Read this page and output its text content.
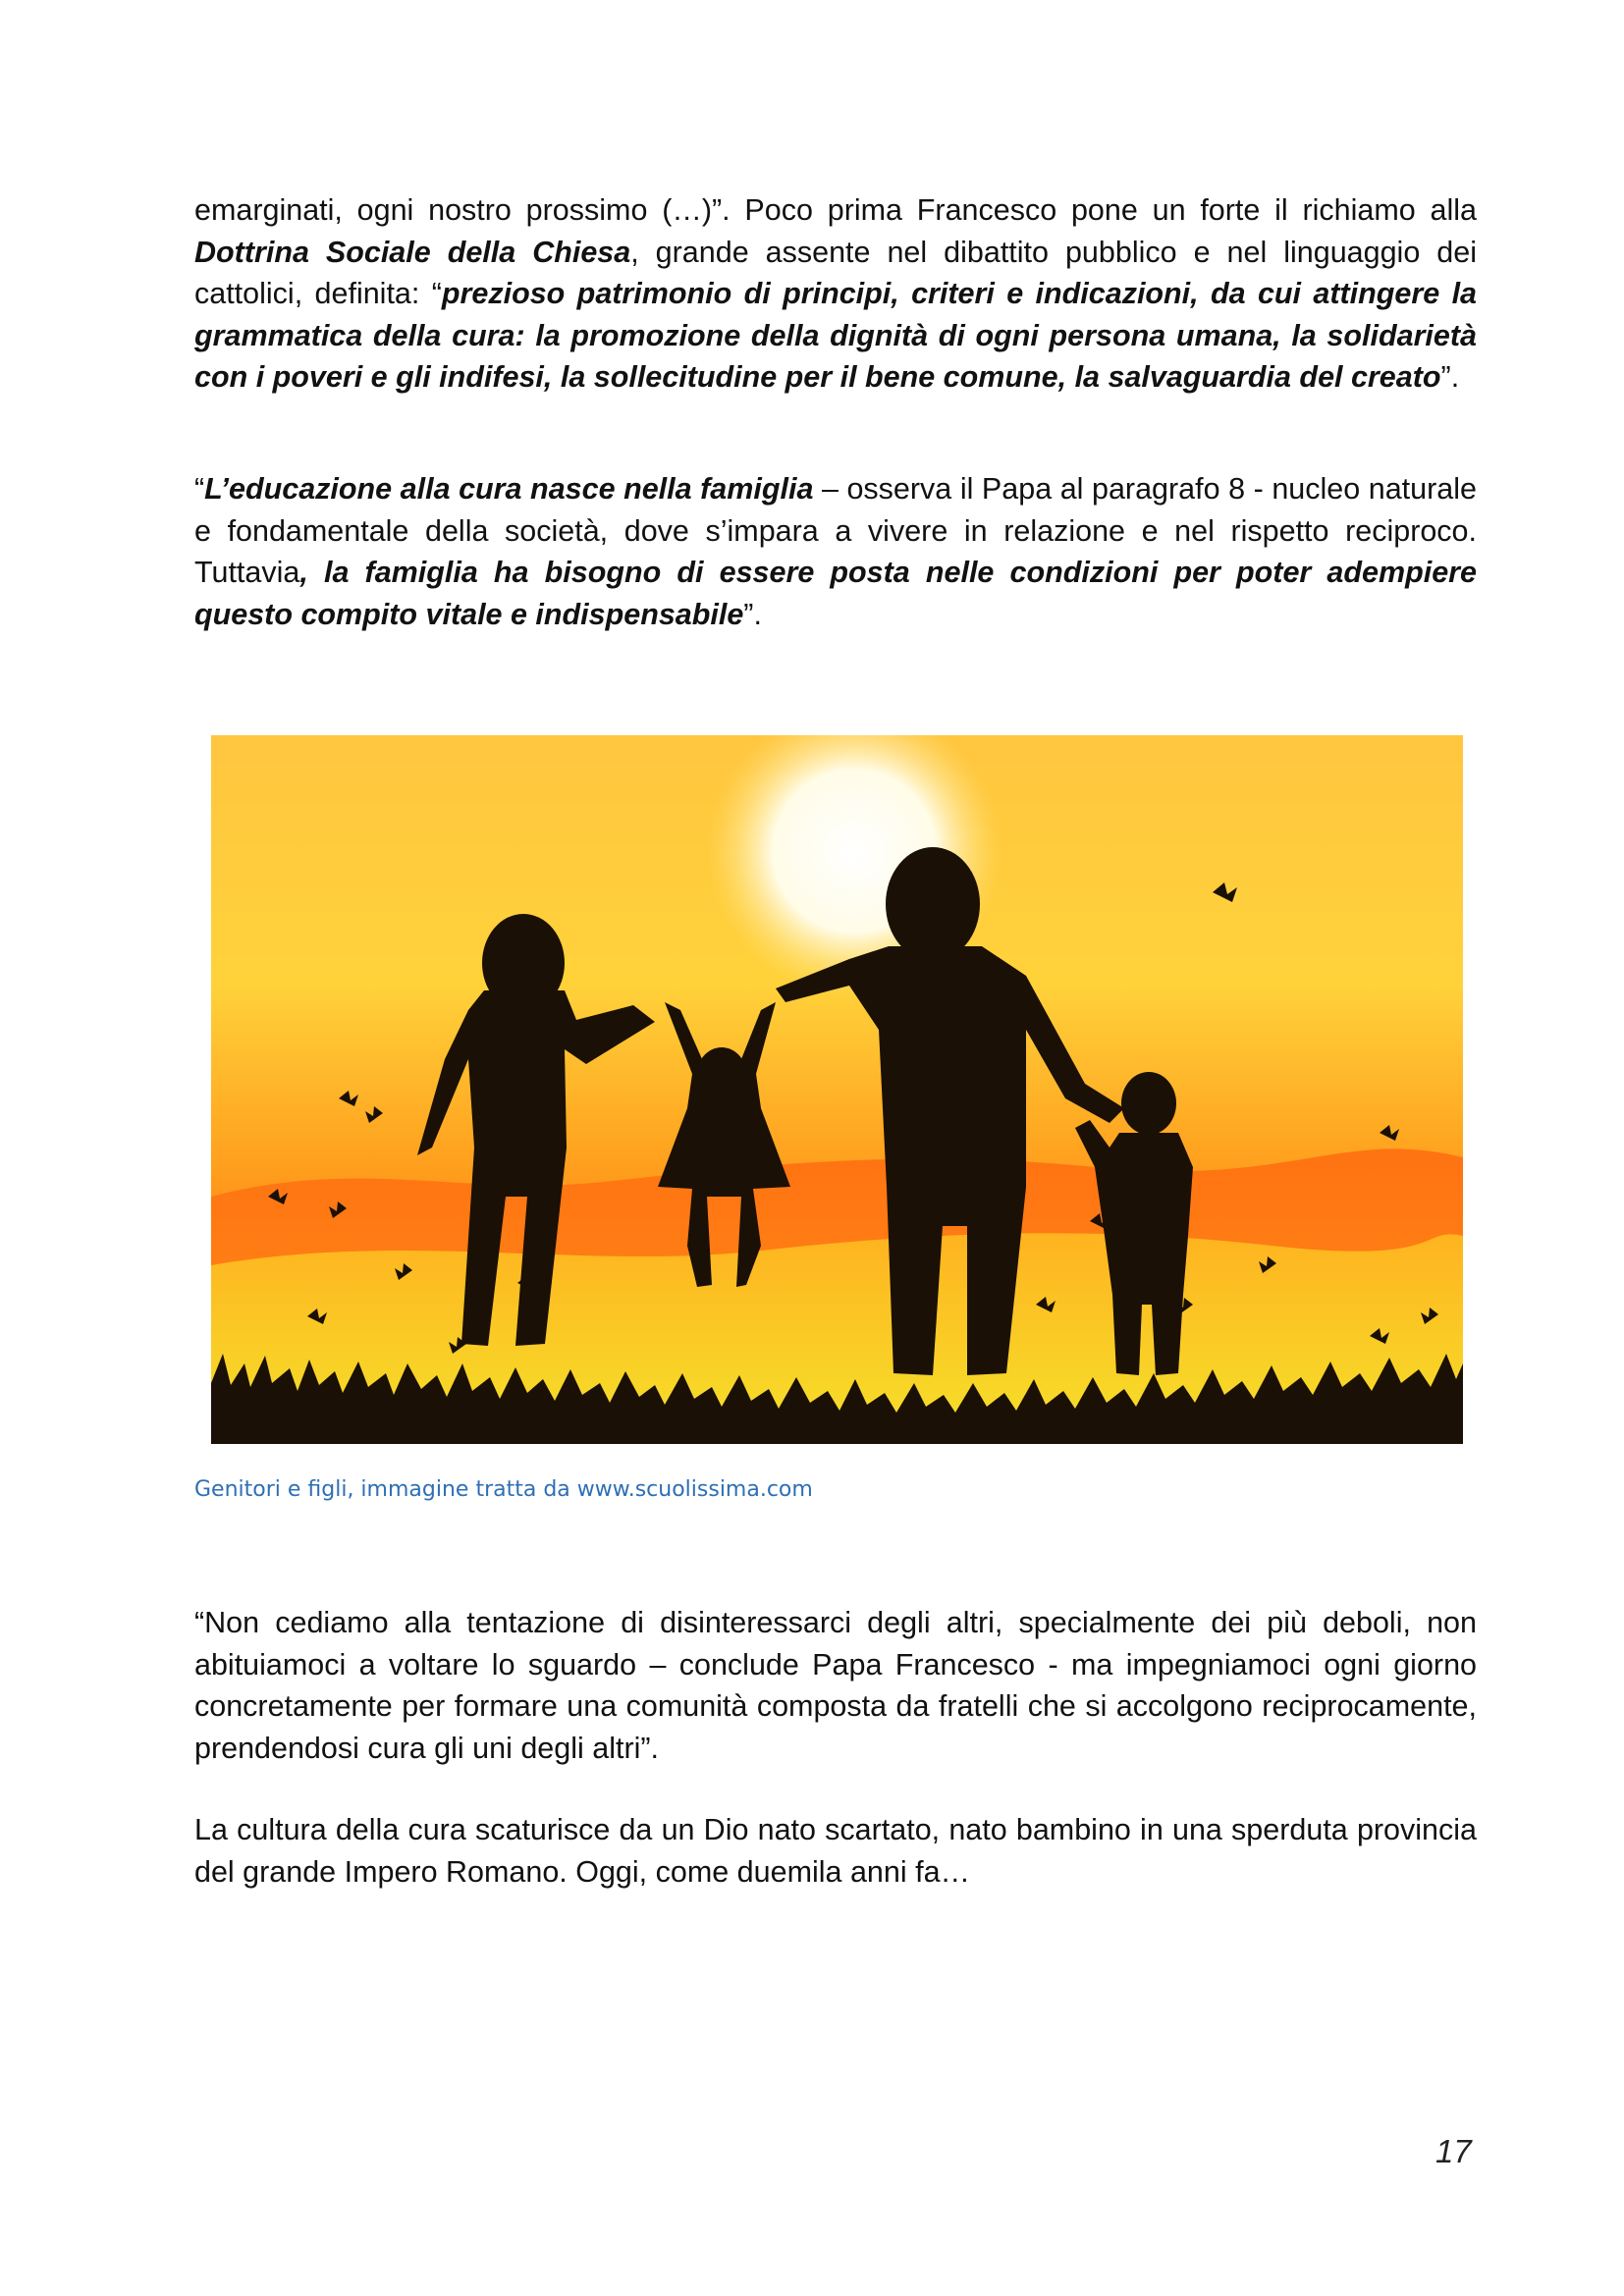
emarginati, ogni nostro prossimo (…)”. Poco prima Francesco pone un forte il richiamo alla Dottrina Sociale della Chiesa, grande assente nel dibattito pubblico e nel linguaggio dei cattolici, definita: “prezioso patrimonio di principi, criteri e indicazioni, da cui attingere la grammatica della cura: la promozione della dignità di ogni persona umana, la solidarietà con i poveri e gli indifesi, la sollecitudine per il bene comune, la salvaguardia del creato”.

“L’educazione alla cura nasce nella famiglia – osserva il Papa al paragrafo 8 - nucleo naturale e fondamentale della società, dove s’impara a vivere in relazione e nel rispetto reciproco. Tuttavia, la famiglia ha bisogno di essere posta nelle condizioni per poter adempiere questo compito vitale e indispensabile”.

Genitori e figli, immagine tratta da www.scuolissima.com

“Non cediamo alla tentazione di disinteressarci degli altri, specialmente dei più deboli, non abituiamoci a voltare lo sguardo – conclude Papa Francesco - ma impegniamoci ogni giorno concretamente per formare una comunità composta da fratelli che si accolgono reciprocamente, prendendosi cura gli uni degli altri”.

La cultura della cura scaturisce da un Dio nato scartato, nato bambino in una sperduta provincia del grande Impero Romano. Oggi, come duemila anni fa…

17
